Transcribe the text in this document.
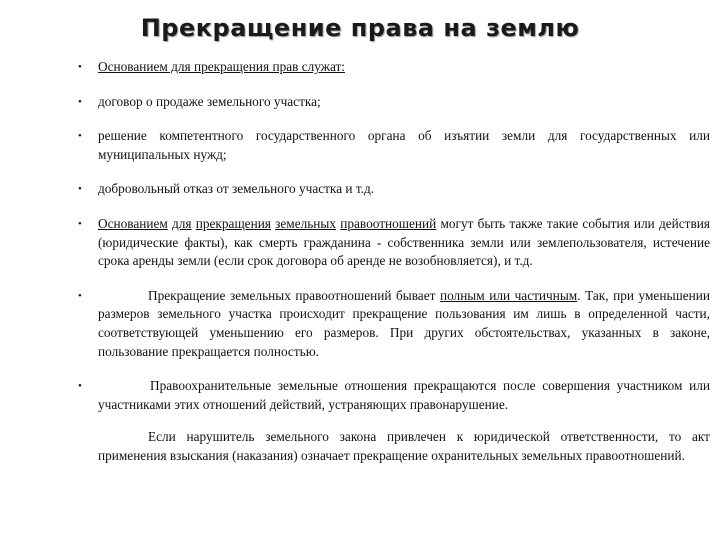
Прекращение права на землю
• Основанием для прекращения прав служат:
• договор о продаже земельного участка;
• решение компетентного государственного органа об изъятии земли для государственных или муниципальных нужд;
• добровольный отказ от земельного участка и т.д.
• Основанием для прекращения земельных правоотношений могут быть также такие события или действия (юридические факты), как смерть гражданина - собственника земли или землепользователя, истечение срока аренды земли (если срок договора об аренде не возобновляется), и т.д.
•	Прекращение земельных правоотношений бывает полным или частичным. Так, при уменьшении размеров земельного участка происходит прекращение пользования им лишь в определенной части, соответствующей уменьшению его размеров. При других обстоятельствах, указанных в законе, пользование прекращается полностью.
•	Правоохранительные земельные отношения прекращаются после совершения участником или участниками этих отношений действий, устраняющих правонарушение.
Если нарушитель земельного закона привлечен к юридической ответственности, то акт применения взыскания (наказания) означает прекращение охранительных земельных правоотношений.
